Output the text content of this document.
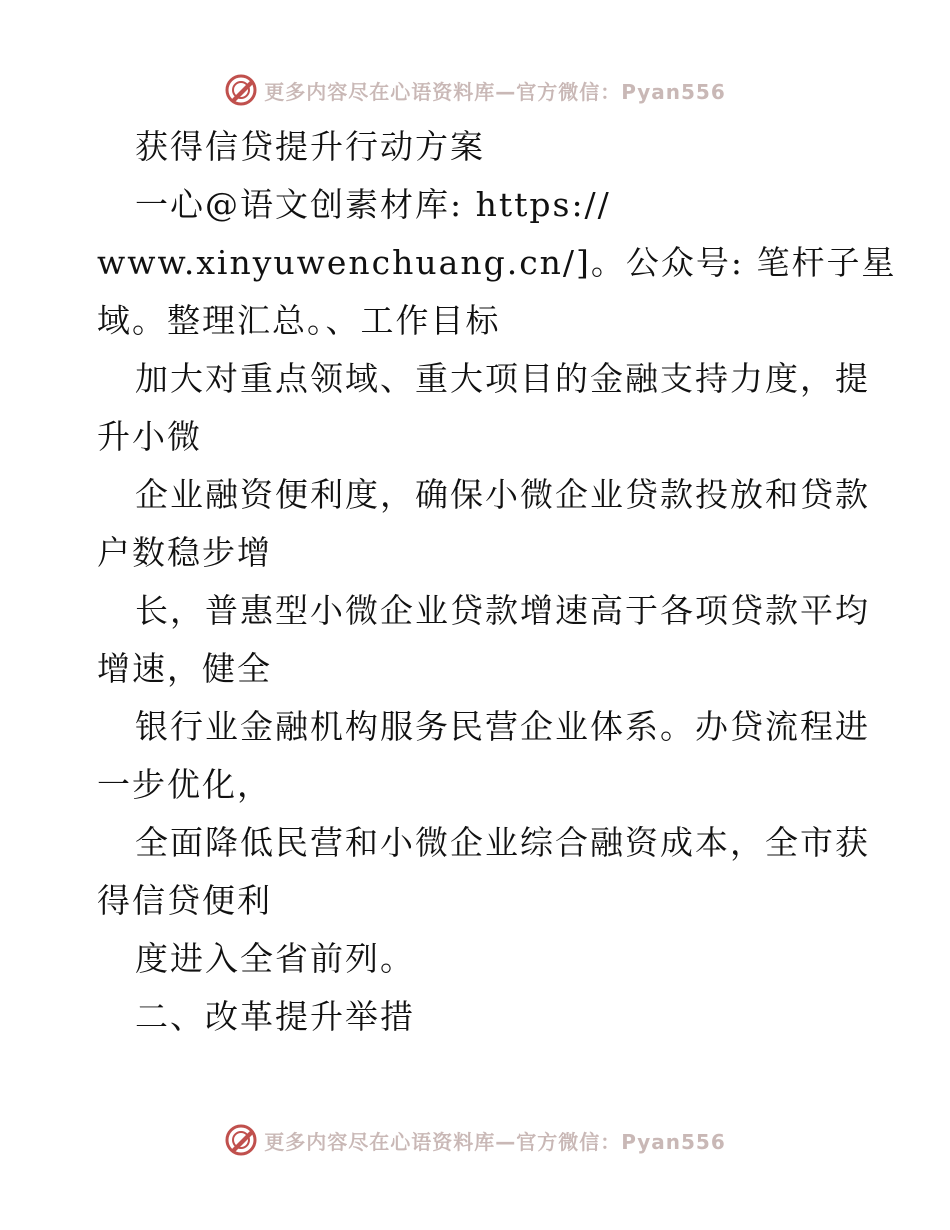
更多内容尽在心语资料库—官方微信：Pyan556
获得信贷提升行动方案
一心@语文创素材库: https://
www.xinyuwenchuang.cn/]。公众号: 笔杆子星
域。整理汇总。、工作目标
加大对重点领域、重大项目的金融支持力度，提
升小微
企业融资便利度，确保小微企业贷款投放和贷款
户数稳步增
长，普惠型小微企业贷款增速高于各项贷款平均
增速，健全
银行业金融机构服务民营企业体系。办贷流程进
一步优化，
全面降低民营和小微企业综合融资成本，全市获
得信贷便利
度进入全省前列。
二、改革提升举措
更多内容尽在心语资料库—官方微信：Pyan556
